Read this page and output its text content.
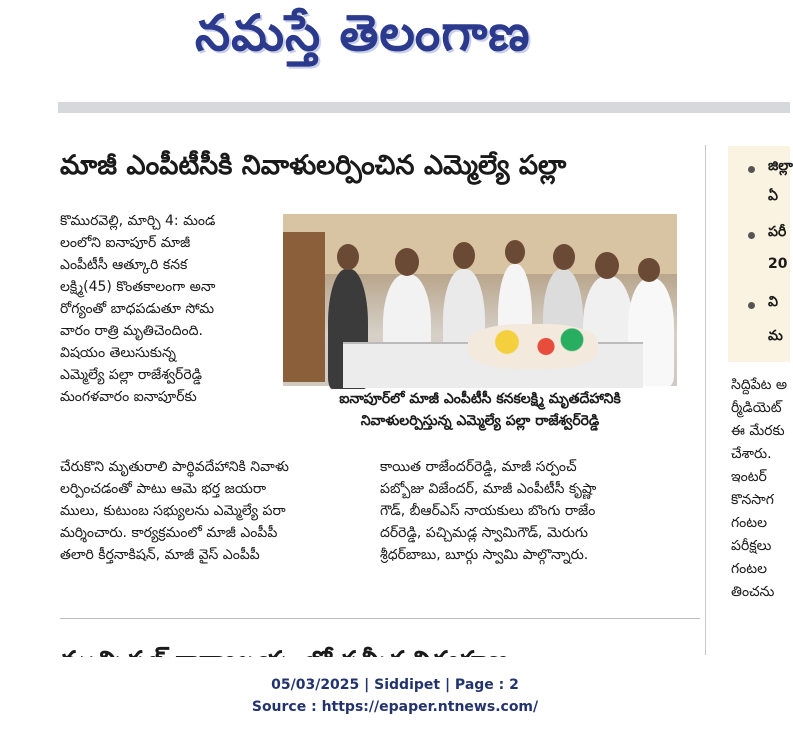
నమస్తే తెలంగాణ
మాజీ ఎంపీటీసీకి నివాళులర్పించిన ఎమ్మెల్యే పల్లా

కొమురవెల్లి, మార్చి 4: మండ

లంలోని ఐనాపూర్ మాజీ

ఎంపీటీసీ ఆత్కూరి కనక

లక్ష్మి(45) కొంతకాలంగా అనా

రోగ్యంతో బాధపడుతూ సోమ

వారం రాత్రి మృతిచెందింది.

విషయం తెలుసుకున్న

ఎమ్మెల్యే పల్లా రాజేశ్వర్‌రెడ్డి

మంగళవారం ఐనాపూర్‌కు	ఐనాపూర్‌లో మాజీ ఎంపీటీసీ కనకలక్ష్మి మృతదేహానికి
నివాళులర్పిస్తున్న ఎమ్మెల్యే పల్లా రాజేశ్వర్‌రెడ్డి

చేరుకొని మృతురాలి పార్థివదేహానికి నివాళు

లర్పించడంతో పాటు ఆమె భర్త జయరా

ములు, కుటుంబ సభ్యులను ఎమ్మెల్యే పరా

మర్శించారు. కార్యక్రమంలో మాజీ ఎంపీపీ

తలారి కీర్తనాకిషన్, మాజీ వైస్ ఎంపీపీ

కాయిత రాజేందర్‌రెడ్డి, మాజీ సర్పంచ్

పబ్బోజు విజేందర్, మాజీ ఎంపీటీసీ కృష్ణా

గౌడ్, బీఆర్‌ఎస్ నాయకులు బొంగు రాజేం

దర్‌రెడ్డి, పచ్చిమడ్ల స్వామిగౌడ్, మెరుగు

శ్రీధర్‌బాబు, బూర్గు స్వామి పాల్గొన్నారు.

జిల్లా
ఏ
పరీ
20
వి
మ

సిద్దిపేట అ

ర్మీడియెట్

ఈ మేరకు

చేశారు.

ఇంటర్

కొనసాగ

గంటల

పరీక్షలు

గంటల

తించను

05/03/2025 | Siddipet | Page : 2
Source : https://epaper.ntnews.com/
